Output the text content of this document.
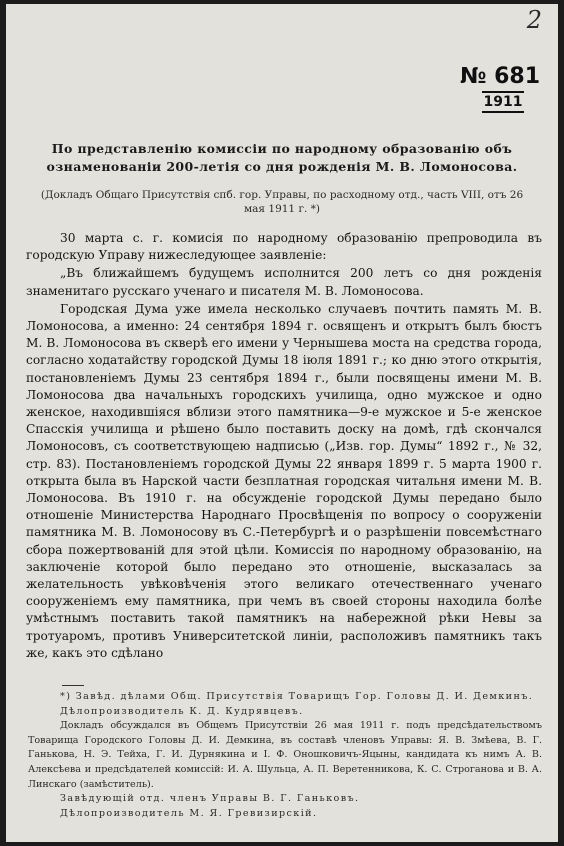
2
№ 681
1911
По представленію комиссіи по народному образованію объ ознаменованіи 200-летія со дня рожденія М. В. Ломоносова.
(Докладъ Общаго Присутствія спб. гор. Управы, по расходному отд., часть VIII, отъ 26 мая 1911 г. *)

30 марта с. г. комисія по народному образованію препроводила въ городскую Управу нижеследующее заявленіе:

„Въ ближайшемъ будущемъ исполнится 200 летъ со дня рожденія знаменитаго русскаго ученаго и писателя М. В. Ломоносова.

Городская Дума уже имела несколько случаевъ почтить память М. В. Ломоносова, а именно: 24 сентября 1894 г. освященъ и открытъ былъ бюстъ М. В. Ломоносова въ скверѣ его имени у Чернышева моста на средства города, согласно ходатайству городской Думы 18 іюля 1891 г.; ко дню этого открытія, постановленіемъ Думы 23 сентября 1894 г., были посвящены имени М. В. Ломоносова два начальныхъ городскихъ училища, одно мужское и одно женское, находившіяся вблизи этого памятника—9-е мужское и 5-е женское Спасскія училища и рѣшено было поставить доску на домѣ, гдѣ скончался Ломоносовъ, съ соответствующею надписью („Изв. гор. Думы“ 1892 г., № 32, стр. 83). Постановленіемъ городской Думы 22 января 1899 г. 5 марта 1900 г. открыта была въ Нарской части безплатная городская читальня имени М. В. Ломоносова. Въ 1910 г. на обсужденіе городской Думы передано было отношеніе Министерства Народнаго Просвѣщенія по вопросу о сооруженіи памятника М. В. Ломоносову въ С.-Петербургѣ и о разрѣшеніи повсемѣстнаго сбора пожертвованій для этой цѣли. Комиссія по народному образованію, на заключеніе которой было передано это отношеніе, высказалась за желательность увѣковѣченія этого великаго отечественнаго ученаго сооруженіемъ ему памятника, при чемъ въ своей стороны находила болѣе умѣстнымъ поставить такой памятникъ на набережной рѣки Невы за тротуаромъ, противъ Университетской линіи, расположивъ памятникъ такъ же, какъ это сдѣлано

*) Завѣд. дѣлами Общ. Присутствія Товарищъ Гор. Головы Д. И. Демкинъ.

Дѣлопроизводитель К. Д. Кудрявцевъ.

Докладъ обсуждался въ Общемъ Присутствіи 26 мая 1911 г. подъ предсѣдательствомъ Товарища Городского Головы Д. И. Демкина, въ составѣ членовъ Управы: Я. В. Змѣева, В. Г. Ганькова, Н. Э. Тейха, Г. И. Дурнякина и І. Ф. Оношковичъ-Яцыны, кандидата къ нимъ А. В. Алексѣева и предсѣдателей комиссій: И. А. Шульца, А. П. Веретенникова, К. С. Строганова и В. А. Линскаго (замѣститель).

Завѣдующій отд. членъ Управы В. Г. Ганьковъ.

Дѣлопроизводитель М. Я. Гревизирскій.
